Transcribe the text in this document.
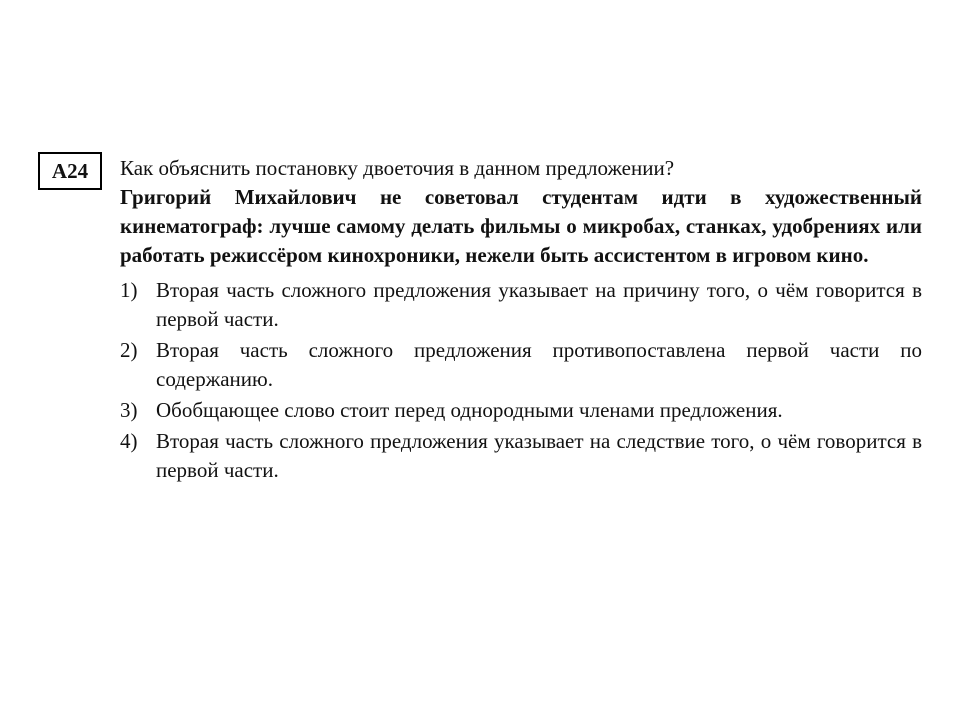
A24 Как объяснить постановку двоеточия в данном предложении?

Григорий Михайлович не советовал студентам идти в художественный кинематограф: лучше самому делать фильмы о микробах, станках, удобрениях или работать режиссёром кинохроники, нежели быть ассистентом в игровом кино.

1) Вторая часть сложного предложения указывает на причину того, о чём говорится в первой части.
2) Вторая часть сложного предложения противопоставлена первой части по содержанию.
3) Обобщающее слово стоит перед однородными членами предложения.
4) Вторая часть сложного предложения указывает на следствие того, о чём говорится в первой части.
